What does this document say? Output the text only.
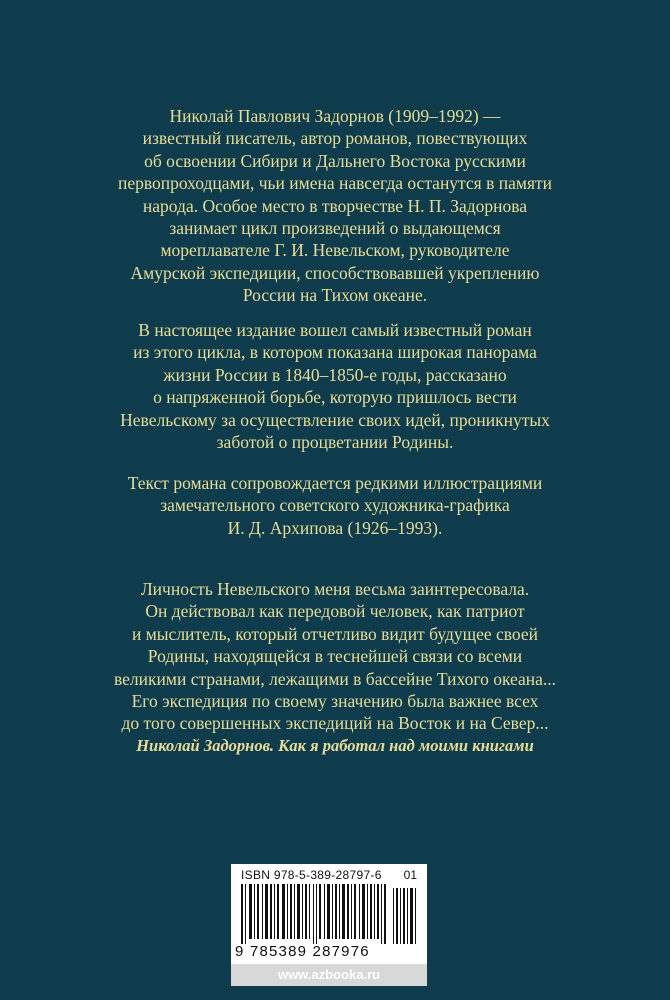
Николай Павлович Задорнов (1909–1992) —
известный писатель, автор романов, повествующих
об освоении Сибири и Дальнего Востока русскими
первопроходцами, чьи имена навсегда останутся в памяти
народа. Особое место в творчестве Н. П. Задорнова
занимает цикл произведений о выдающемся
мореплавателе Г. И. Невельском, руководителе
Амурской экспедиции, способствовавшей укреплению
России на Тихом океане.

В настоящее издание вошел самый известный роман
из этого цикла, в котором показана широкая панорама
жизни России в 1840–1850-е годы, рассказано
о напряженной борьбе, которую пришлось вести
Невельскому за осуществление своих идей, проникнутых
заботой о процветании Родины.

Текст романа сопровождается редкими иллюстрациями
замечательного советского художника-графика
И. Д. Архипова (1926–1993).

Личность Невельского меня весьма заинтересовала.
Он действовал как передовой человек, как патриот
и мыслитель, который отчетливо видит будущее своей
Родины, находящейся в теснейшей связи со всеми
великими странами, лежащими в бассейне Тихого океана...
Его экспедиция по своему значению была важнее всех
до того совершенных экспедиций на Восток и на Север...

Николай Задорнов. Как я работал над моими книгами
ISBN 978-5-389-28797-6 01
9 785389 287976
www.azbooka.ru
